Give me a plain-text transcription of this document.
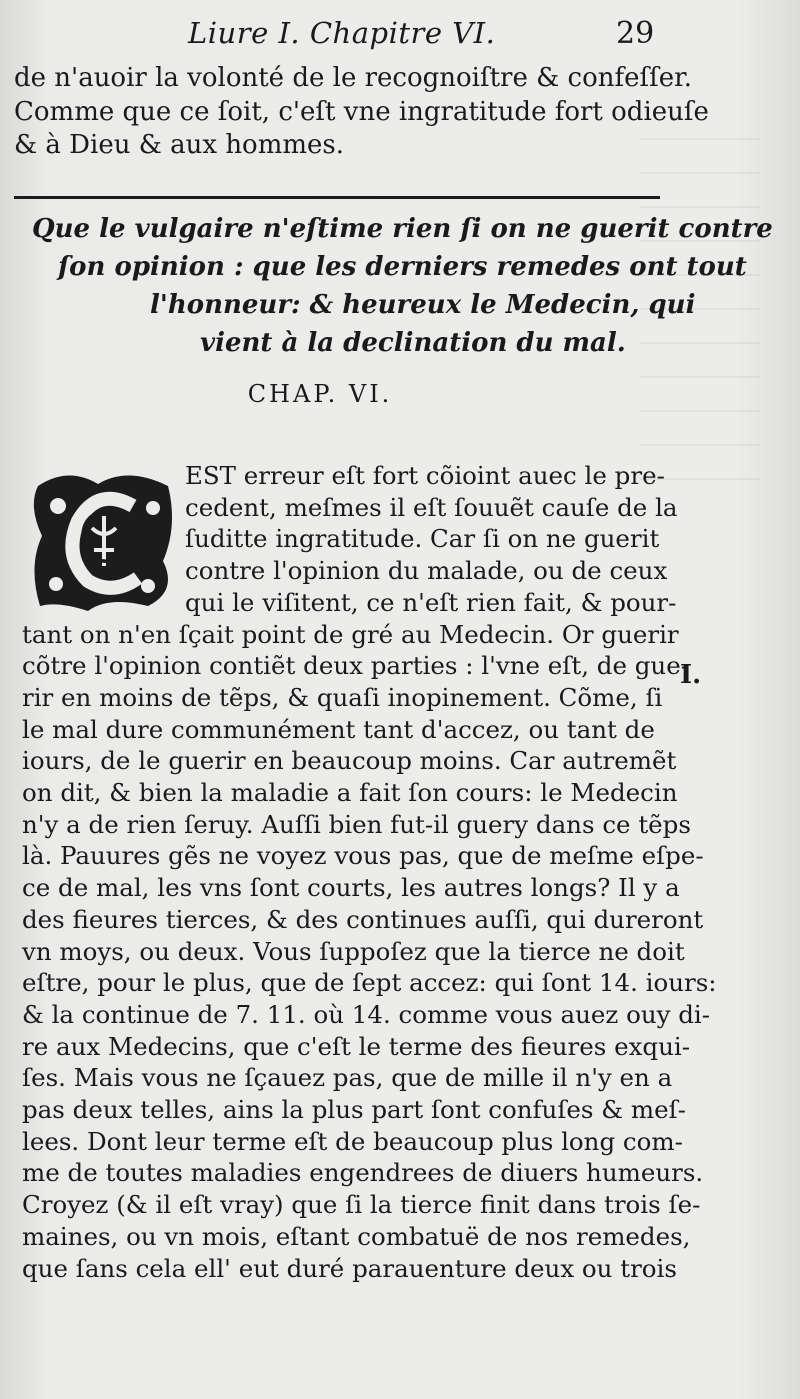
Liure I. Chapitre VI.	29
de n'auoir la volonté de le recognoiſtre & confeſſer.
Comme que ce ſoit, c'eſt vne ingratitude fort odieuſe
& à Dieu & aux hommes.
Que le vulgaire n'eſtime rien ſi on ne guerit contre
ſon opinion : que les derniers remedes ont tout
l'honneur: & heureux le Medecin, qui
vient à la declination du mal.
CHAP. VI.
C
EST erreur eſt fort cõioint auec le pre-
cedent, meſmes il eſt ſouuẽt cauſe de la
ſuditte ingratitude. Car ſi on ne guerit
contre l'opinion du malade, ou de ceux
qui le viſitent, ce n'eſt rien fait, & pour-
tant on n'en ſçait point de gré au Medecin. Or guerir
cõtre l'opinion contiẽt deux parties : l'vne eſt, de gue-
rir en moins de tẽps, & quaſi inopinement. Cõme, ſi
le mal dure communément tant d'accez, ou tant de
iours, de le guerir en beaucoup moins. Car autremẽt
on dit, & bien la maladie a fait ſon cours: le Medecin
n'y a de rien ſeruy. Auſſi bien fut-il guery dans ce tẽps
là. Pauures gẽs ne voyez vous pas, que de meſme eſpe-
ce de mal, les vns ſont courts, les autres longs? Il y a
des fieures tierces, & des continues auſſi, qui dureront
vn moys, ou deux. Vous ſuppoſez que la tierce ne doit
eſtre, pour le plus, que de ſept accez: qui ſont 14. iours:
& la continue de 7. 11. où 14. comme vous auez ouy di-
re aux Medecins, que c'eſt le terme des fieures exqui-
ſes. Mais vous ne ſçauez pas, que de mille il n'y en a
pas deux telles, ains la plus part ſont confuſes & meſ-
lees. Dont leur terme eſt de beaucoup plus long com-
me de toutes maladies engendrees de diuers humeurs.
Croyez (& il eſt vray) que ſi la tierce finit dans trois ſe-
maines, ou vn mois, eſtant combatuë de nos remedes,
que ſans cela ell' eut duré parauenture deux ou trois
I.
